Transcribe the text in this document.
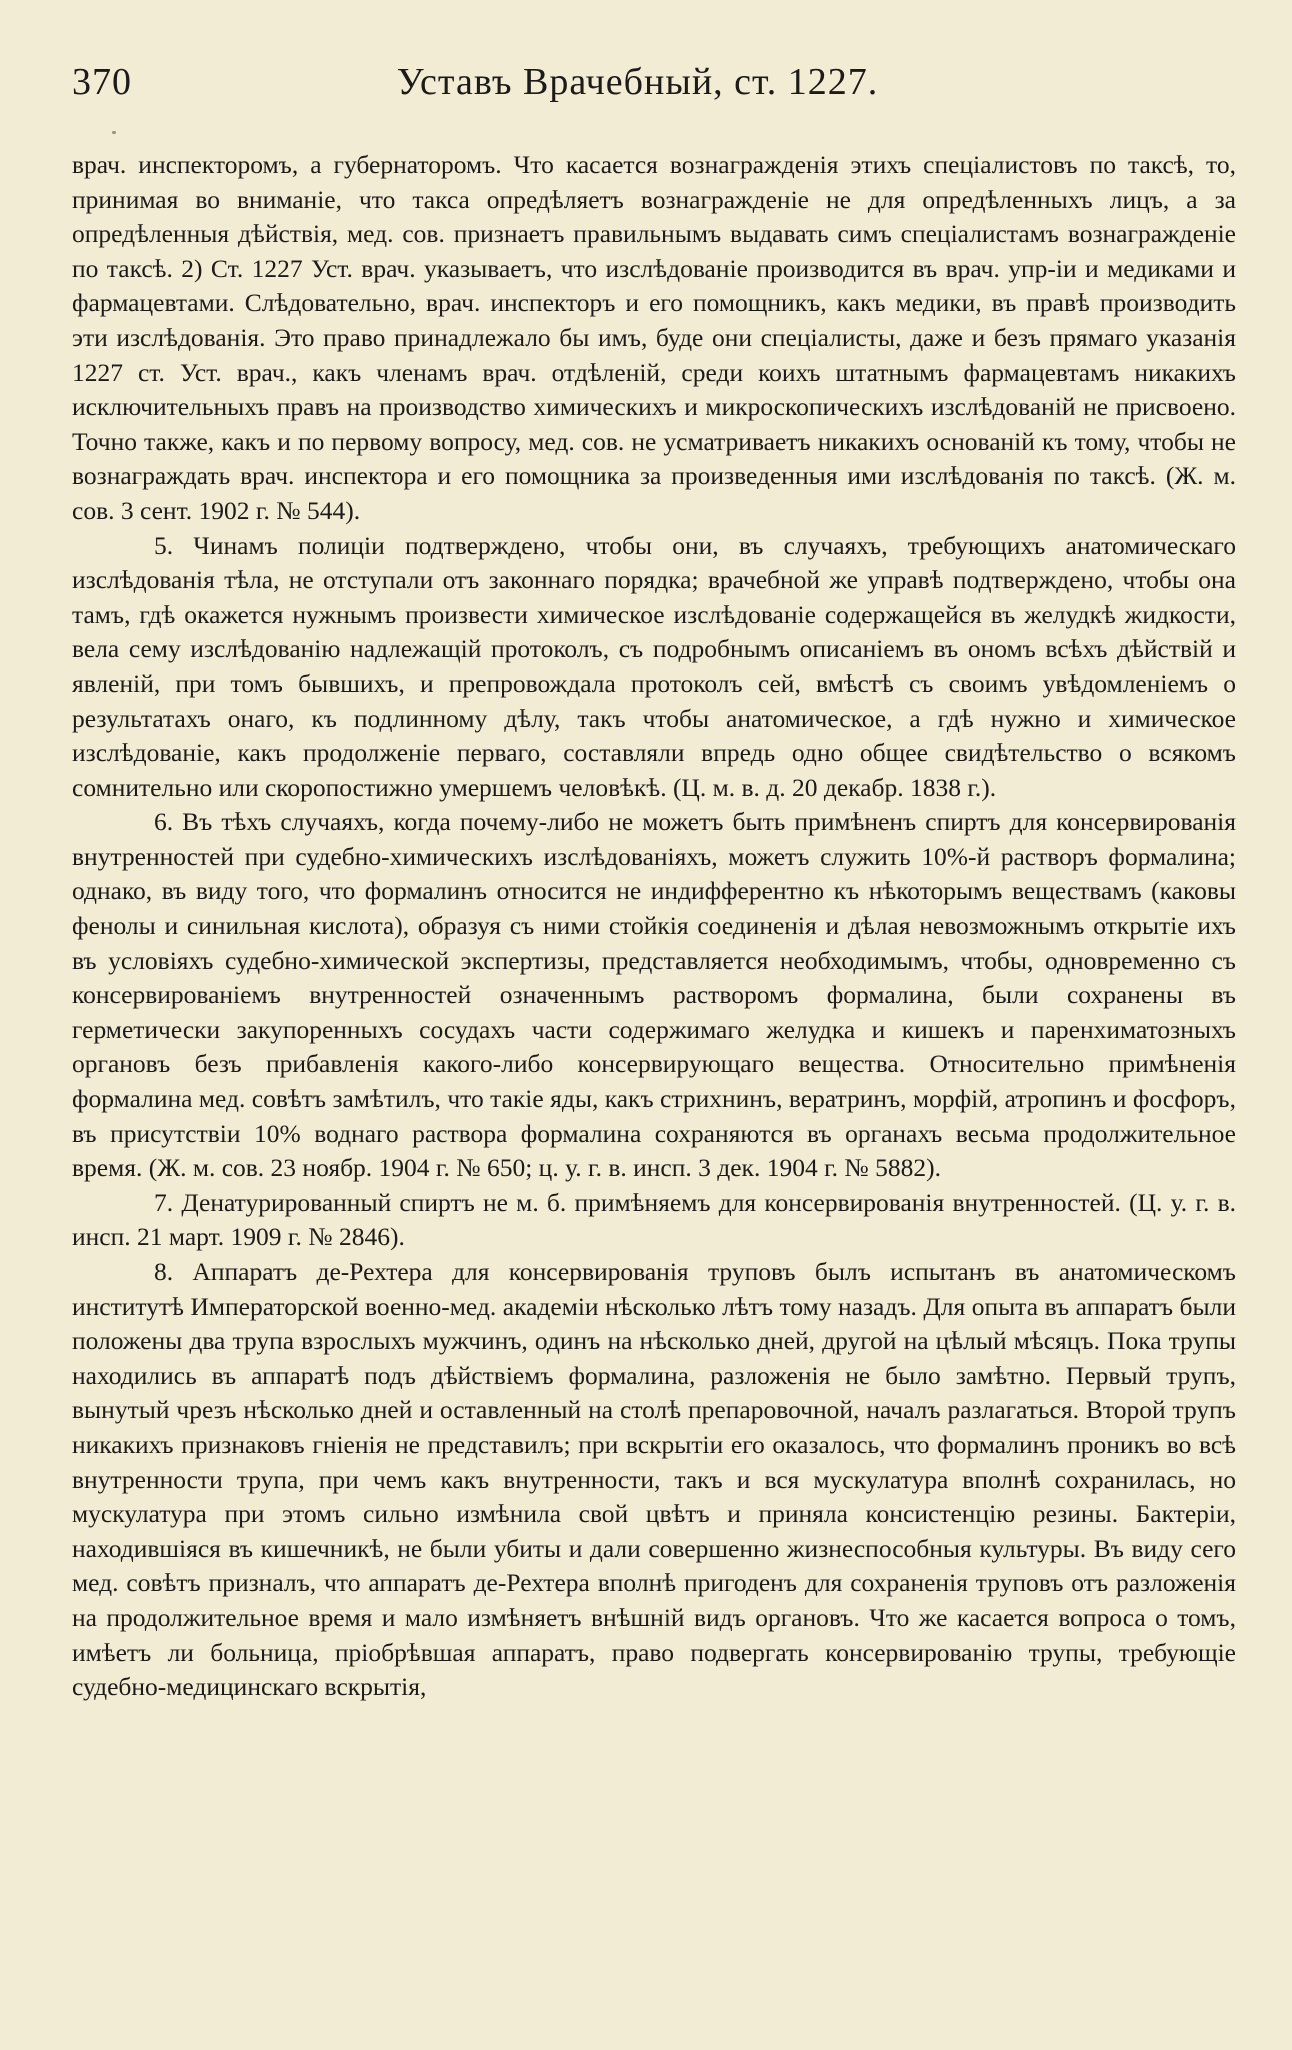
370	Уставъ Врачебный, ст. 1227.

врач. инспекторомъ, а губернаторомъ. Что касается вознагражденія этихъ спеціалистовъ по таксѣ, то, принимая во вниманіе, что такса опредѣляетъ вознагражденіе не для опредѣленныхъ лицъ, а за опредѣленныя дѣйствія, мед. сов. признаетъ правильнымъ выдавать симъ спеціалистамъ вознагражденіе по таксѣ. 2) Ст. 1227 Уст. врач. указываетъ, что изслѣдованіе производится въ врач. упр-іи и медиками и фармацевтами. Слѣдовательно, врач. инспекторъ и его помощникъ, какъ медики, въ правѣ производить эти изслѣдованія. Это право принадлежало бы имъ, буде они спеціалисты, даже и безъ прямаго указанія 1227 ст. Уст. врач., какъ членамъ врач. отдѣленій, среди коихъ штатнымъ фармацевтамъ никакихъ исключительныхъ правъ на производство химическихъ и микроскопическихъ изслѣдованій не присвоено. Точно также, какъ и по первому вопросу, мед. сов. не усматриваетъ никакихъ основаній къ тому, чтобы не вознаграждать врач. инспектора и его помощника за произведенныя ими изслѣдованія по таксѣ. (Ж. м. сов. 3 сент. 1902 г. № 544).

5. Чинамъ полиціи подтверждено, чтобы они, въ случаяхъ, требующихъ анатомическаго изслѣдованія тѣла, не отступали отъ законнаго порядка; врачебной же управѣ подтверждено, чтобы она тамъ, гдѣ окажется нужнымъ произвести химическое изслѣдованіе содержащейся въ желудкѣ жидкости, вела сему изслѣдованію надлежащій протоколъ, съ подробнымъ описаніемъ въ ономъ всѣхъ дѣйствій и явленій, при томъ бывшихъ, и препровождала протоколъ сей, вмѣстѣ съ своимъ увѣдомленіемъ о результатахъ онаго, къ подлинному дѣлу, такъ чтобы анатомическое, а гдѣ нужно и химическое изслѣдованіе, какъ продолженіе перваго, составляли впредь одно общее свидѣтельство о всякомъ сомнительно или скоропостижно умершемъ человѣкѣ. (Ц. м. в. д. 20 декабр. 1838 г.).

6. Въ тѣхъ случаяхъ, когда почему-либо не можетъ быть примѣненъ спиртъ для консервированія внутренностей при судебно-химическихъ изслѣдованіяхъ, можетъ служить 10%-й растворъ формалина; однако, въ виду того, что формалинъ относится не индифферентно къ нѣкоторымъ веществамъ (каковы фенолы и синильная кислота), образуя съ ними стойкія соединенія и дѣлая невозможнымъ открытіе ихъ въ условіяхъ судебно-химической экспертизы, представляется необходимымъ, чтобы, одновременно съ консервированіемъ внутренностей означеннымъ растворомъ формалина, были сохранены въ герметически закупоренныхъ сосудахъ части содержимаго желудка и кишекъ и паренхиматозныхъ органовъ безъ прибавленія какого-либо консервирующаго вещества. Относительно примѣненія формалина мед. совѣтъ замѣтилъ, что такіе яды, какъ стрихнинъ, вератринъ, морфій, атропинъ и фосфоръ, въ присутствіи 10% воднаго раствора формалина сохраняются въ органахъ весьма продолжительное время. (Ж. м. сов. 23 ноябр. 1904 г. № 650; ц. у. г. в. инсп. 3 дек. 1904 г. № 5882).

7. Денатурированный спиртъ не м. б. примѣняемъ для консервированія внутренностей. (Ц. у. г. в. инсп. 21 март. 1909 г. № 2846).

8. Аппаратъ де-Рехтера для консервированія труповъ былъ испытанъ въ анатомическомъ институтѣ Императорской военно-мед. академіи нѣсколько лѣтъ тому назадъ. Для опыта въ аппаратъ были положены два трупа взрослыхъ мужчинъ, одинъ на нѣсколько дней, другой на цѣлый мѣсяцъ. Пока трупы находились въ аппаратѣ подъ дѣйствіемъ формалина, разложенія не было замѣтно. Первый трупъ, вынутый чрезъ нѣсколько дней и оставленный на столѣ препаровочной, началъ разлагаться. Второй трупъ никакихъ признаковъ гніенія не представилъ; при вскрытіи его оказалось, что формалинъ проникъ во всѣ внутренности трупа, при чемъ какъ внутренности, такъ и вся мускулатура вполнѣ сохранилась, но мускулатура при этомъ сильно измѣнила свой цвѣтъ и приняла консистенцію резины. Бактеріи, находившіяся въ кишечникѣ, не были убиты и дали совершенно жизнеспособныя культуры. Въ виду сего мед. совѣтъ призналъ, что аппаратъ де-Рехтера вполнѣ пригоденъ для сохраненія труповъ отъ разложенія на продолжительное время и мало измѣняетъ внѣшній видъ органовъ. Что же касается вопроса о томъ, имѣетъ ли больница, пріобрѣвшая аппаратъ, право подвергать консервированію трупы, требующіе судебно-медицинскаго вскрытія,
